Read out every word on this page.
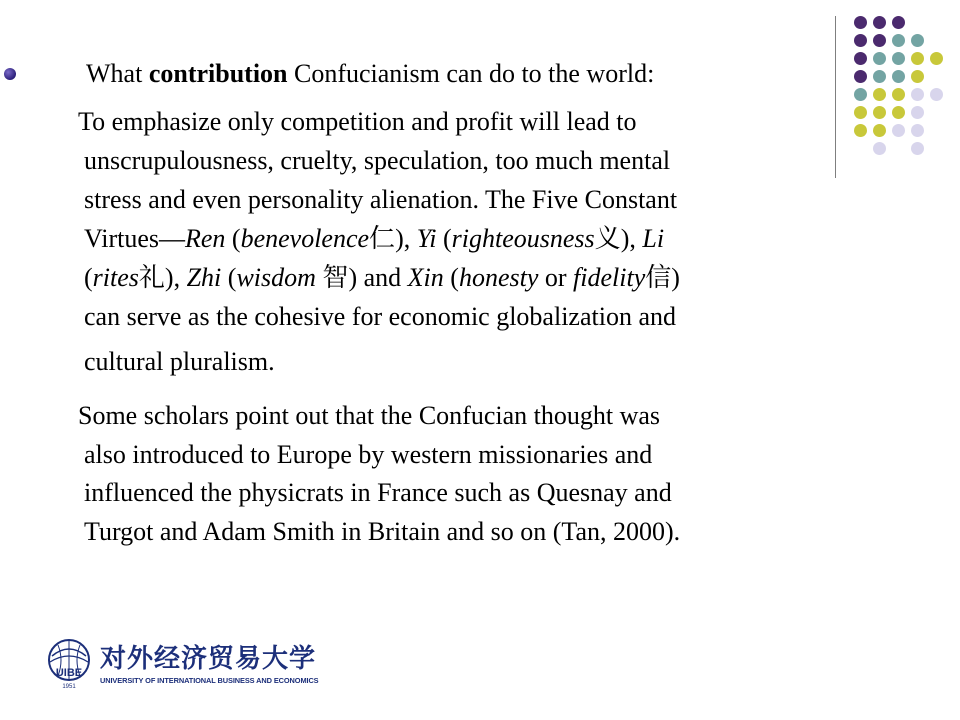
What contribution Confucianism can do to the world:
To emphasize only competition and profit will lead to
unscrupulousness, cruelty, speculation, too much mental
stress and even personality alienation. The Five Constant
Virtues—Ren (benevolence仁), Yi (righteousness义), Li
(rites礼), Zhi (wisdom 智) and Xin (honesty or fidelity信)
can serve as the cohesive for economic globalization and
cultural pluralism.
Some scholars point out that the Confucian thought was
also introduced to Europe by western missionaries and
influenced the physicrats in France such as Quesnay and
Turgot and Adam Smith in Britain and so on (Tan, 2000).
UIBE
1951
对外经济贸易大学
UNIVERSITY OF INTERNATIONAL BUSINESS AND ECONOMICS
